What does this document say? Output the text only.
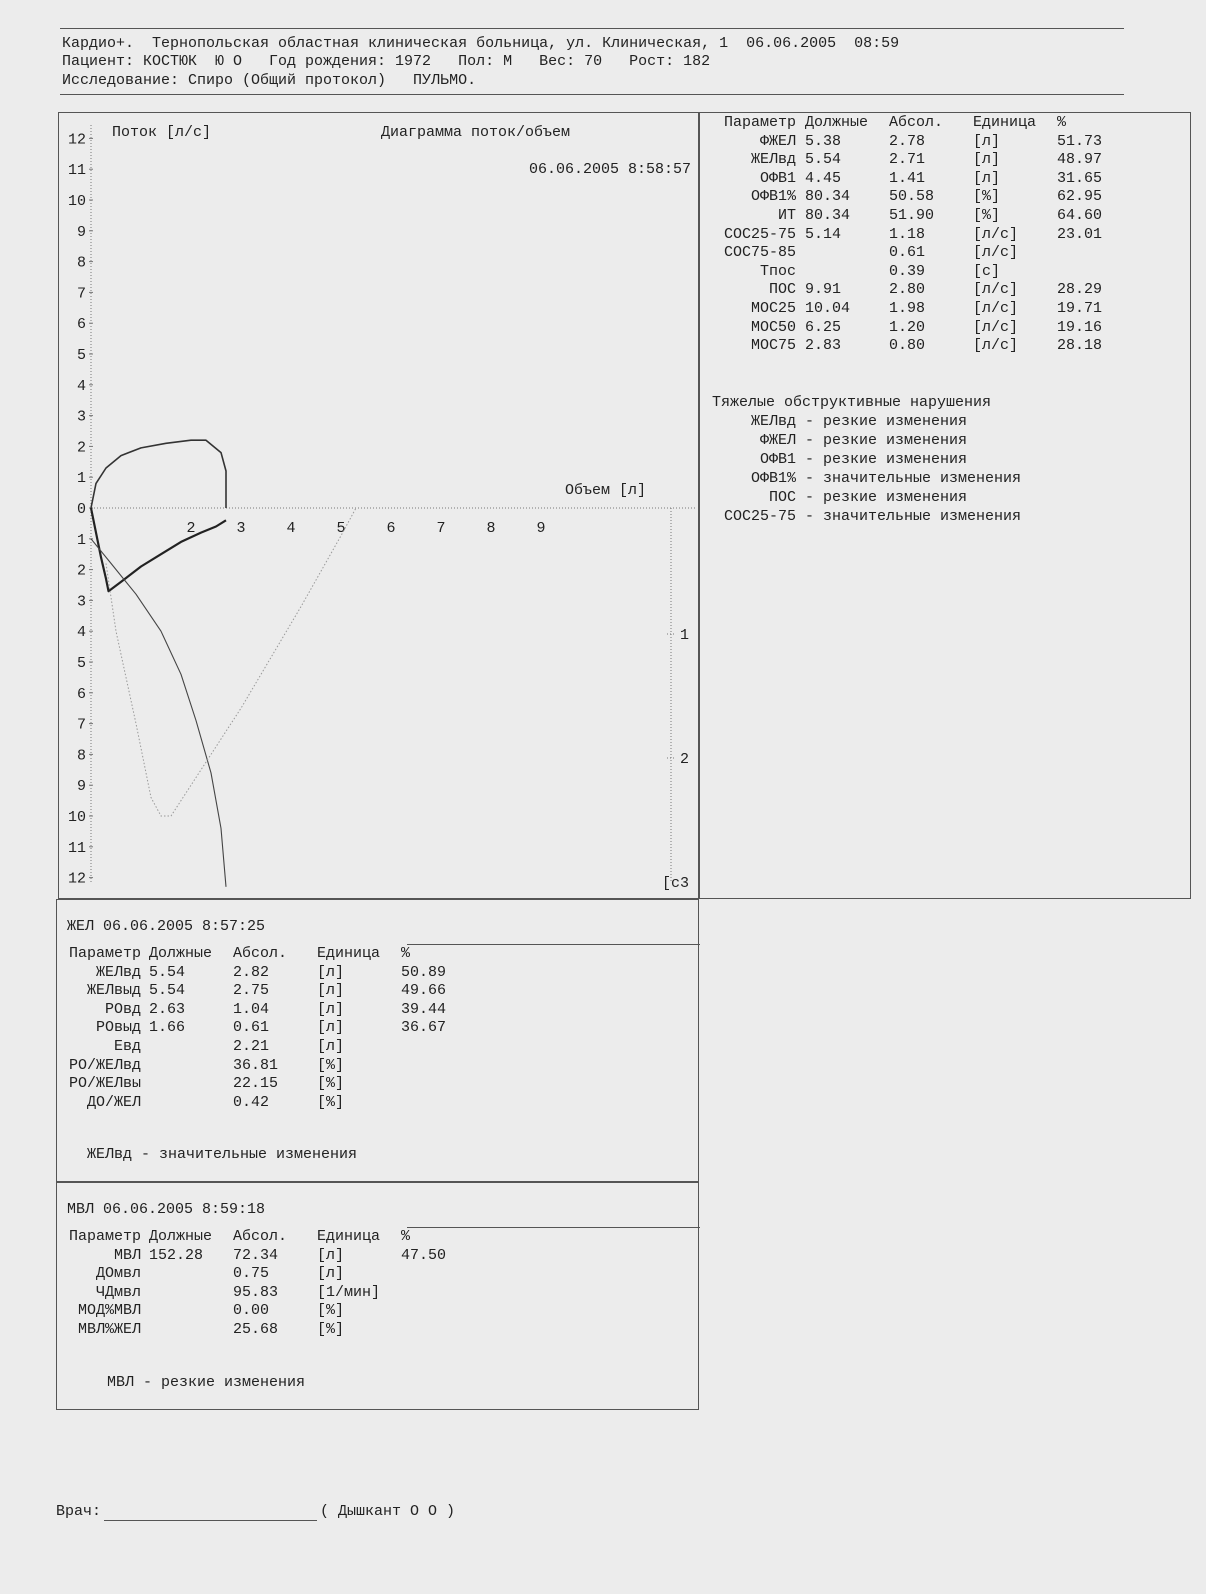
Кардио+.  Тернопольская областная клиническая больница, ул. Клиническая, 1  06.06.2005  08:59
Пациент: КОСТЮК  Ю О   Год рождения: 1972   Пол: М   Вес: 70   Рост: 182
Исследование: Спиро (Общий протокол)   ПУЛЬМО.
Поток [л/с]	Диаграмма поток/объем
06.06.2005 8:58:57
Объем [л]
[с3
12
11
10
9
8
7
6
5
4
3
2
1
0
1
2
3
4
5
6
7
8
9
10
11
12
2	3	4	5	6	7	8	9
1
2
Параметр	Должные	Абсол.	Единица	%
ФЖЕЛ	5.38	2.78	[л]	51.73
ЖЕЛвд	5.54	2.71	[л]	48.97
ОФВ1	4.45	1.41	[л]	31.65
ОФВ1%	80.34	50.58	[%]	62.95
ИТ	80.34	51.90	[%]	64.60
СОС25-75	5.14	1.18	[л/с]	23.01
СОС75-85		0.61	[л/с]	
Тпос		0.39	[с]	
ПОС	9.91	2.80	[л/с]	28.29
МОС25	10.04	1.98	[л/с]	19.71
МОС50	6.25	1.20	[л/с]	19.16
МОС75	2.83	0.80	[л/с]	28.18
Тяжелые обструктивные нарушения
ЖЕЛвд - резкие изменения
ФЖЕЛ - резкие изменения
ОФВ1 - резкие изменения
ОФВ1% - значительные изменения
ПОС - резкие изменения
СОС25-75 - значительные изменения
ЖЕЛ 06.06.2005 8:57:25
Параметр	Должные	Абсол.	Единица	%
ЖЕЛвд	5.54	2.82	[л]	50.89
ЖЕЛвыд	5.54	2.75	[л]	49.66
РОвд	2.63	1.04	[л]	39.44
РОвыд	1.66	0.61	[л]	36.67
Евд		2.21	[л]	
РО/ЖЕЛвд		36.81	[%]	
РО/ЖЕЛвы		22.15	[%]	
ДО/ЖЕЛ		0.42	[%]	
ЖЕЛвд - значительные изменения
МВЛ 06.06.2005 8:59:18
Параметр	Должные	Абсол.	Единица	%
МВЛ	152.28	72.34	[л]	47.50
ДОмвл		0.75	[л]	
ЧДмвл		95.83	[1/мин]	
МОД%МВЛ		0.00	[%]	
МВЛ%ЖЕЛ		25.68	[%]	
МВЛ - резкие изменения
Врач:	( Дышкант О О )
